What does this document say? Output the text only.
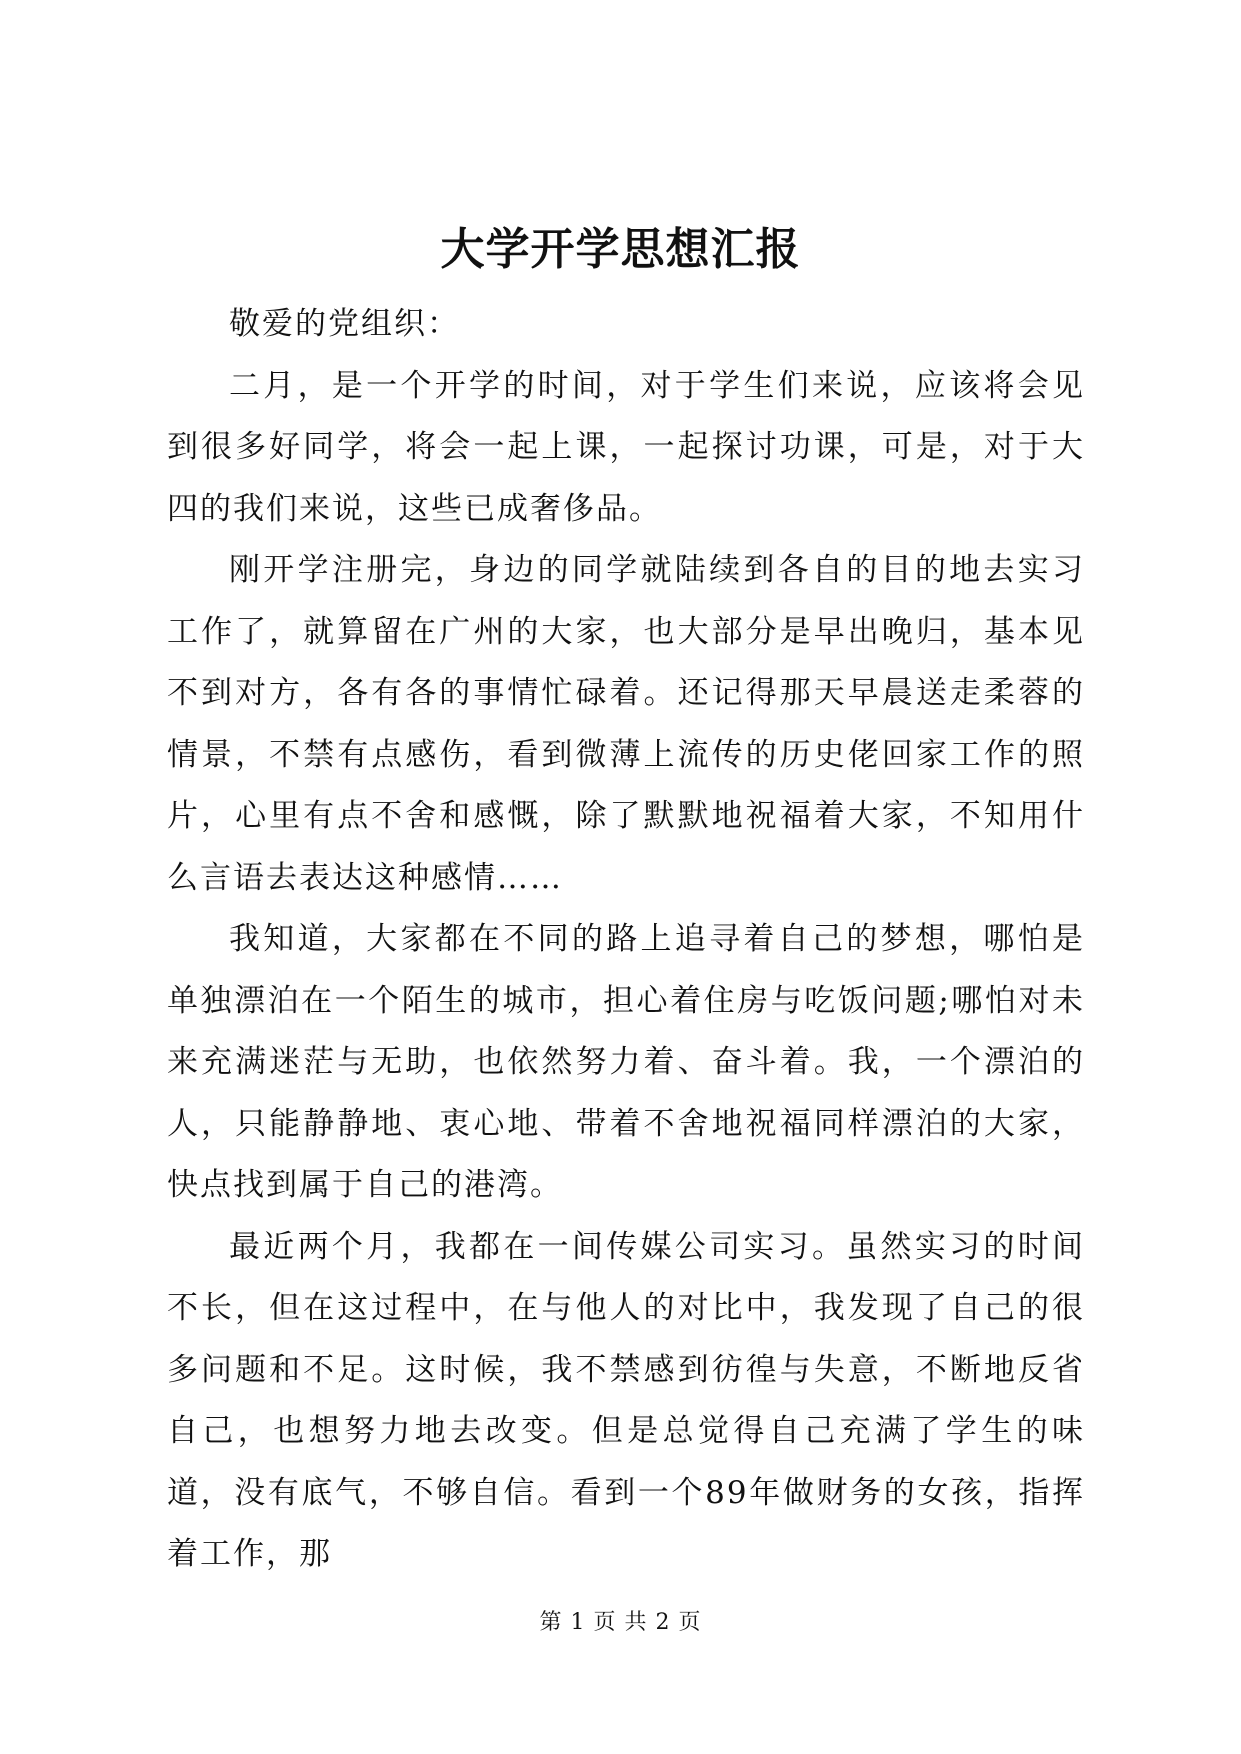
大学开学思想汇报

敬爱的党组织：

二月，是一个开学的时间，对于学生们来说，应该将会见到很多好同学，将会一起上课，一起探讨功课，可是，对于大四的我们来说，这些已成奢侈品。

刚开学注册完，身边的同学就陆续到各自的目的地去实习工作了，就算留在广州的大家，也大部分是早出晚归，基本见不到对方，各有各的事情忙碌着。还记得那天早晨送走柔蓉的情景，不禁有点感伤，看到微薄上流传的历史佬回家工作的照片，心里有点不舍和感慨，除了默默地祝福着大家，不知用什么言语去表达这种感情……

我知道，大家都在不同的路上追寻着自己的梦想，哪怕是单独漂泊在一个陌生的城市，担心着住房与吃饭问题;哪怕对未来充满迷茫与无助，也依然努力着、奋斗着。我，一个漂泊的人，只能静静地、衷心地、带着不舍地祝福同样漂泊的大家，快点找到属于自己的港湾。

最近两个月，我都在一间传媒公司实习。虽然实习的时间不长，但在这过程中，在与他人的对比中，我发现了自己的很多问题和不足。这时候，我不禁感到彷徨与失意，不断地反省自己，也想努力地去改变。但是总觉得自己充满了学生的味道，没有底气，不够自信。看到一个89年做财务的女孩，指挥着工作，那

第 1 页 共 2 页
